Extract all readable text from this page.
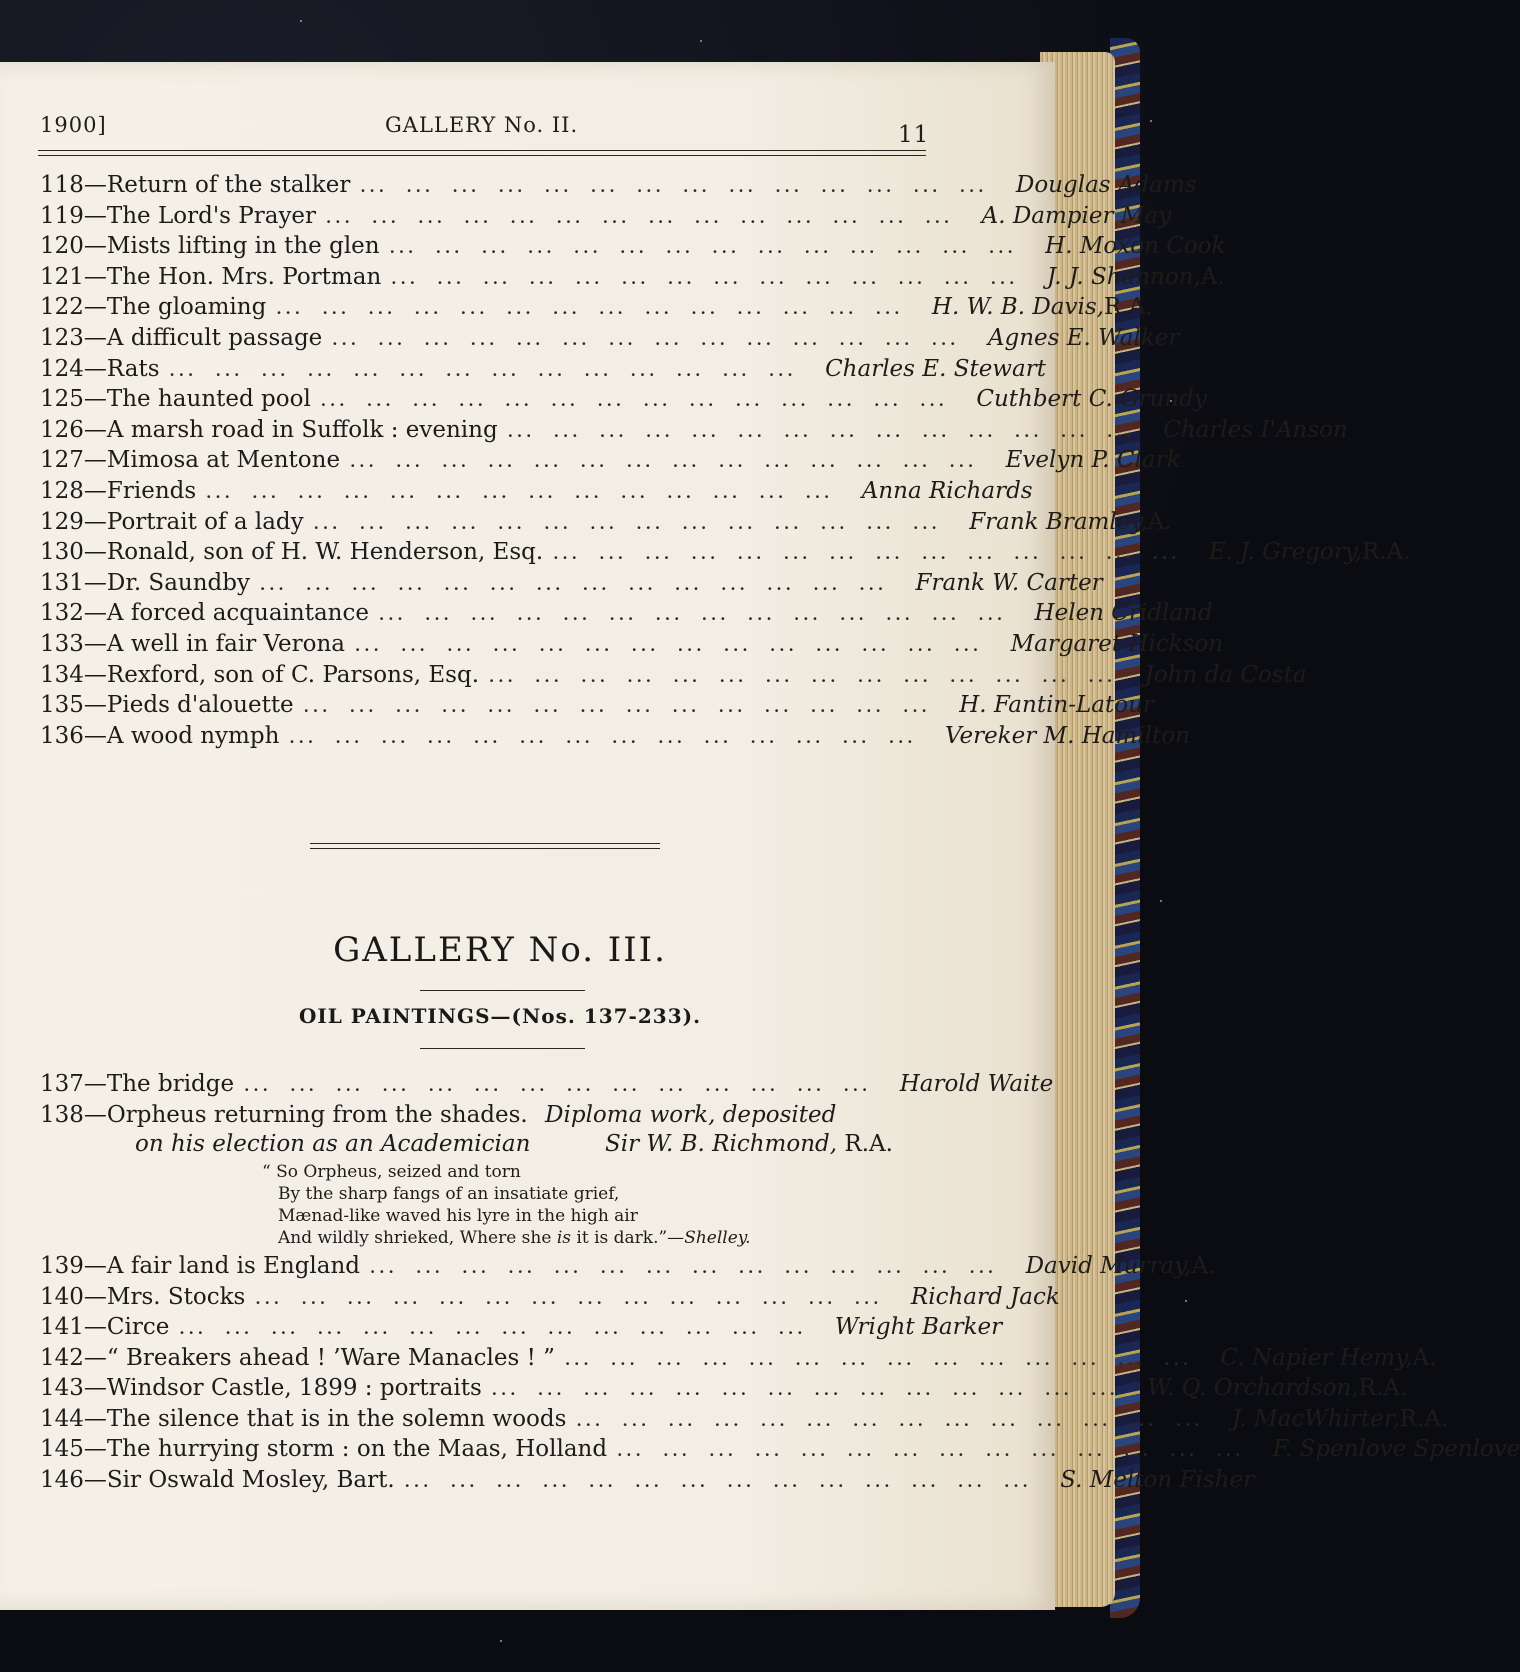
1900]	GALLERY No. II.	11
118 — Return of the stalker ...  ...  ...  ...  ...  ...  ...  ...  ...  ...  ...  ...  ...  ... Douglas Adams
119 — The Lord's Prayer ...  ...  ...  ...  ...  ...  ...  ...  ...  ...  ...  ...  ...  ... A. Dampier May
120 — Mists lifting in the glen ...  ...  ...  ...  ...  ...  ...  ...  ...  ...  ...  ...  ...  ... H. Moxon Cook
121 — The Hon. Mrs. Portman ...  ...  ...  ...  ...  ...  ...  ...  ...  ...  ...  ...  ...  ... J. J. Shannon, A.
122 — The gloaming ...  ...  ...  ...  ...  ...  ...  ...  ...  ...  ...  ...  ...  ... H. W. B. Davis, R.A.
123 — A difficult passage ...  ...  ...  ...  ...  ...  ...  ...  ...  ...  ...  ...  ...  ... Agnes E. Walker
124 — Rats ...  ...  ...  ...  ...  ...  ...  ...  ...  ...  ...  ...  ...  ... Charles E. Stewart
125 — The haunted pool ...  ...  ...  ...  ...  ...  ...  ...  ...  ...  ...  ...  ...  ... Cuthbert C. Grundy
126 — A marsh road in Suffolk : evening ...  ...  ...  ...  ...  ...  ...  ...  ...  ...  ...  ...  ...  ... Charles I'Anson
127 — Mimosa at Mentone ...  ...  ...  ...  ...  ...  ...  ...  ...  ...  ...  ...  ...  ... Evelyn P. Clark
128 — Friends ...  ...  ...  ...  ...  ...  ...  ...  ...  ...  ...  ...  ...  ... Anna Richards
129 — Portrait of a lady ...  ...  ...  ...  ...  ...  ...  ...  ...  ...  ...  ...  ...  ... Frank Bramley, A.
130 — Ronald, son of H. W. Henderson, Esq. ...  ...  ...  ...  ...  ...  ...  ...  ...  ...  ...  ...  ...  ... E. J. Gregory, R.A.
131 — Dr. Saundby ...  ...  ...  ...  ...  ...  ...  ...  ...  ...  ...  ...  ...  ... Frank W. Carter
132 — A forced acquaintance ...  ...  ...  ...  ...  ...  ...  ...  ...  ...  ...  ...  ...  ... Helen Cridland
133 — A well in fair Verona ...  ...  ...  ...  ...  ...  ...  ...  ...  ...  ...  ...  ...  ... Margaret Hickson
134 — Rexford, son of C. Parsons, Esq. ...  ...  ...  ...  ...  ...  ...  ...  ...  ...  ...  ...  ...  ... John da Costa
135 — Pieds d'alouette ...  ...  ...  ...  ...  ...  ...  ...  ...  ...  ...  ...  ...  ... H. Fantin-Latour
136 — A wood nymph ...  ...  ...  ...  ...  ...  ...  ...  ...  ...  ...  ...  ...  ... Vereker M. Hamilton
GALLERY No. III.
OIL PAINTINGS—(Nos. 137-233).
137 — The bridge ...  ...  ...  ...  ...  ...  ...  ...  ...  ...  ...  ...  ...  ... Harold Waite
138—Orpheus returning from the shades. Diploma work, deposited
on his election as an Academician	Sir W. B. Richmond, R.A.
“ So Orpheus, seized and torn
By the sharp fangs of an insatiate grief,
Mænad-like waved his lyre in the high air
And wildly shrieked, Where she is it is dark.”—Shelley.
139 — A fair land is England ...  ...  ...  ...  ...  ...  ...  ...  ...  ...  ...  ...  ...  ... David Murray, A.
140 — Mrs. Stocks ...  ...  ...  ...  ...  ...  ...  ...  ...  ...  ...  ...  ...  ... Richard Jack
141 — Circe ...  ...  ...  ...  ...  ...  ...  ...  ...  ...  ...  ...  ...  ... Wright Barker
142 — “ Breakers ahead ! ’Ware Manacles ! ” ...  ...  ...  ...  ...  ...  ...  ...  ...  ...  ...  ...  ...  ... C. Napier Hemy, A.
143 — Windsor Castle, 1899 : portraits ...  ...  ...  ...  ...  ...  ...  ...  ...  ...  ...  ...  ...  ... W. Q. Orchardson, R.A.
144 — The silence that is in the solemn woods ...  ...  ...  ...  ...  ...  ...  ...  ...  ...  ...  ...  ...  ... J. MacWhirter, R.A.
145 — The hurrying storm : on the Maas, Holland ...  ...  ...  ...  ...  ...  ...  ...  ...  ...  ...  ...  ...  ... F. Spenlove Spenlove
146 — Sir Oswald Mosley, Bart. ...  ...  ...  ...  ...  ...  ...  ...  ...  ...  ...  ...  ...  ... S. Melton Fisher
